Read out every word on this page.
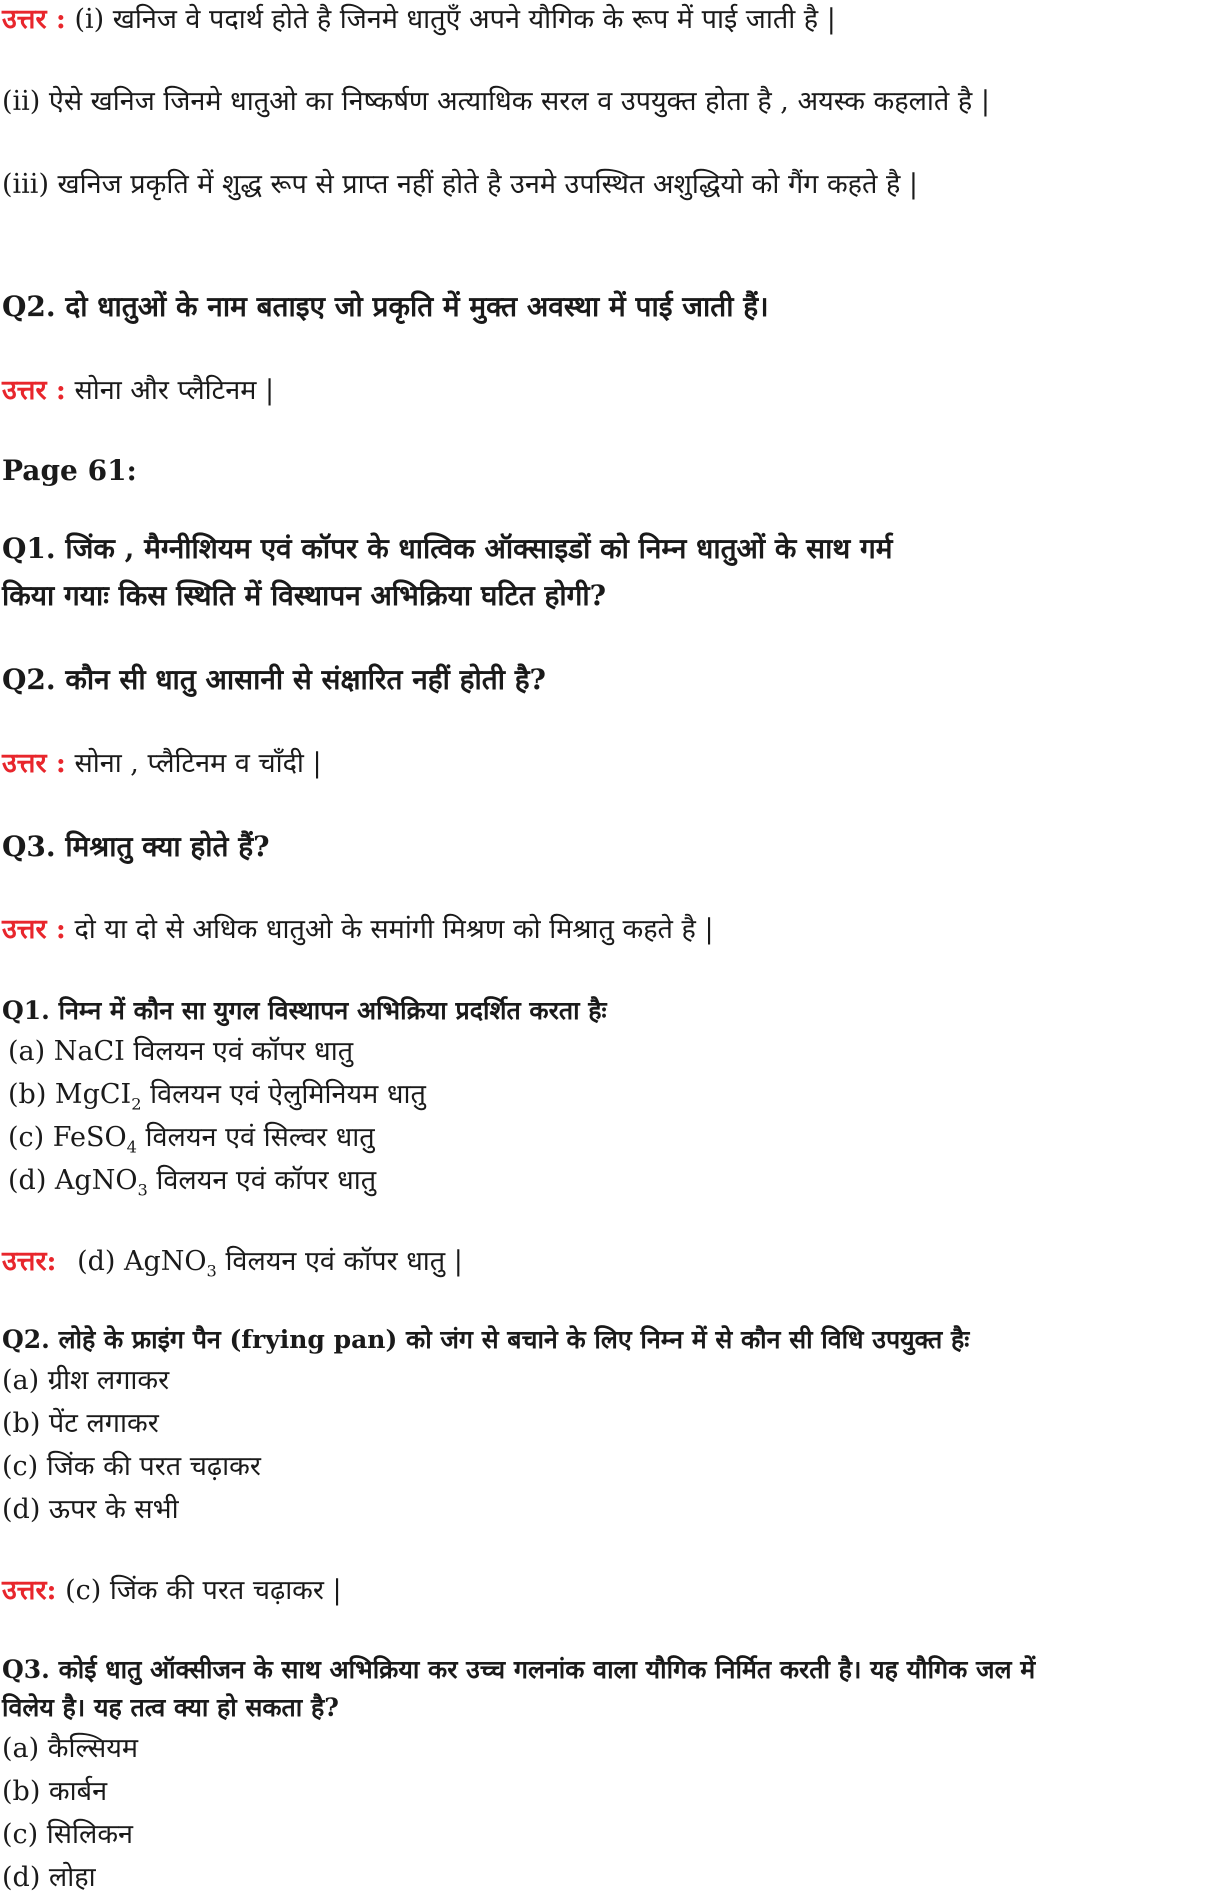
उत्तर : (i) खनिज वे पदार्थ होते है जिनमे धातुएँ अपने यौगिक के रूप में पाई जाती है |
(ii) ऐसे खनिज जिनमे धातुओ का निष्कर्षण अत्याधिक सरल व उपयुक्त होता है , अयस्क कहलाते है |
(iii) खनिज प्रकृति में शुद्ध रूप से प्राप्त नहीं होते है उनमे उपस्थित अशुद्धियो को गैंग कहते है |
Q2. दो धातुओं के नाम बताइए जो प्रकृति में मुक्त अवस्था में पाई जाती हैं।
उत्तर : सोना और प्लैटिनम |
Page 61:
Q1. जिंक , मैग्नीशियम एवं कॉपर के धात्विक ऑक्साइडों को निम्न धातुओं के साथ गर्म
किया गयाः किस स्थिति में विस्थापन अभिक्रिया घटित होगी?
Q2. कौन सी धातु आसानी से संक्षारित नहीं होती है?
उत्तर : सोना , प्लैटिनम व चाँदी |
Q3. मिश्रातु क्या होते हैं?
उत्तर : दो या दो से अधिक धातुओ के समांगी मिश्रण को मिश्रातु कहते है |
Q1. निम्न में कौन सा युगल विस्थापन अभिक्रिया प्रदर्शित करता हैः
(a) NaCI विलयन एवं कॉपर धातु
(b) MgCI$_2$ विलयन एवं ऐलुमिनियम धातु
(c) FeSO$_4$ विलयन एवं सिल्वर धातु
(d) AgNO$_3$ विलयन एवं कॉपर धातु
उत्तर: (d) AgNO$_3$ विलयन एवं कॉपर धातु |
Q2. लोहे के फ्राइंग पैन (frying pan) को जंग से बचाने के लिए निम्न में से कौन सी विधि उपयुक्त हैः
(a) ग्रीश लगाकर
(b) पेंट लगाकर
(c) जिंक की परत चढ़ाकर
(d) ऊपर के सभी
उत्तर: (c) जिंक की परत चढ़ाकर |
Q3. कोई धातु ऑक्सीजन के साथ अभिक्रिया कर उच्च गलनांक वाला यौगिक निर्मित करती है। यह यौगिक जल में
विलेय है। यह तत्व क्या हो सकता है?
(a) कैल्सियम
(b) कार्बन
(c) सिलिकन
(d) लोहा
